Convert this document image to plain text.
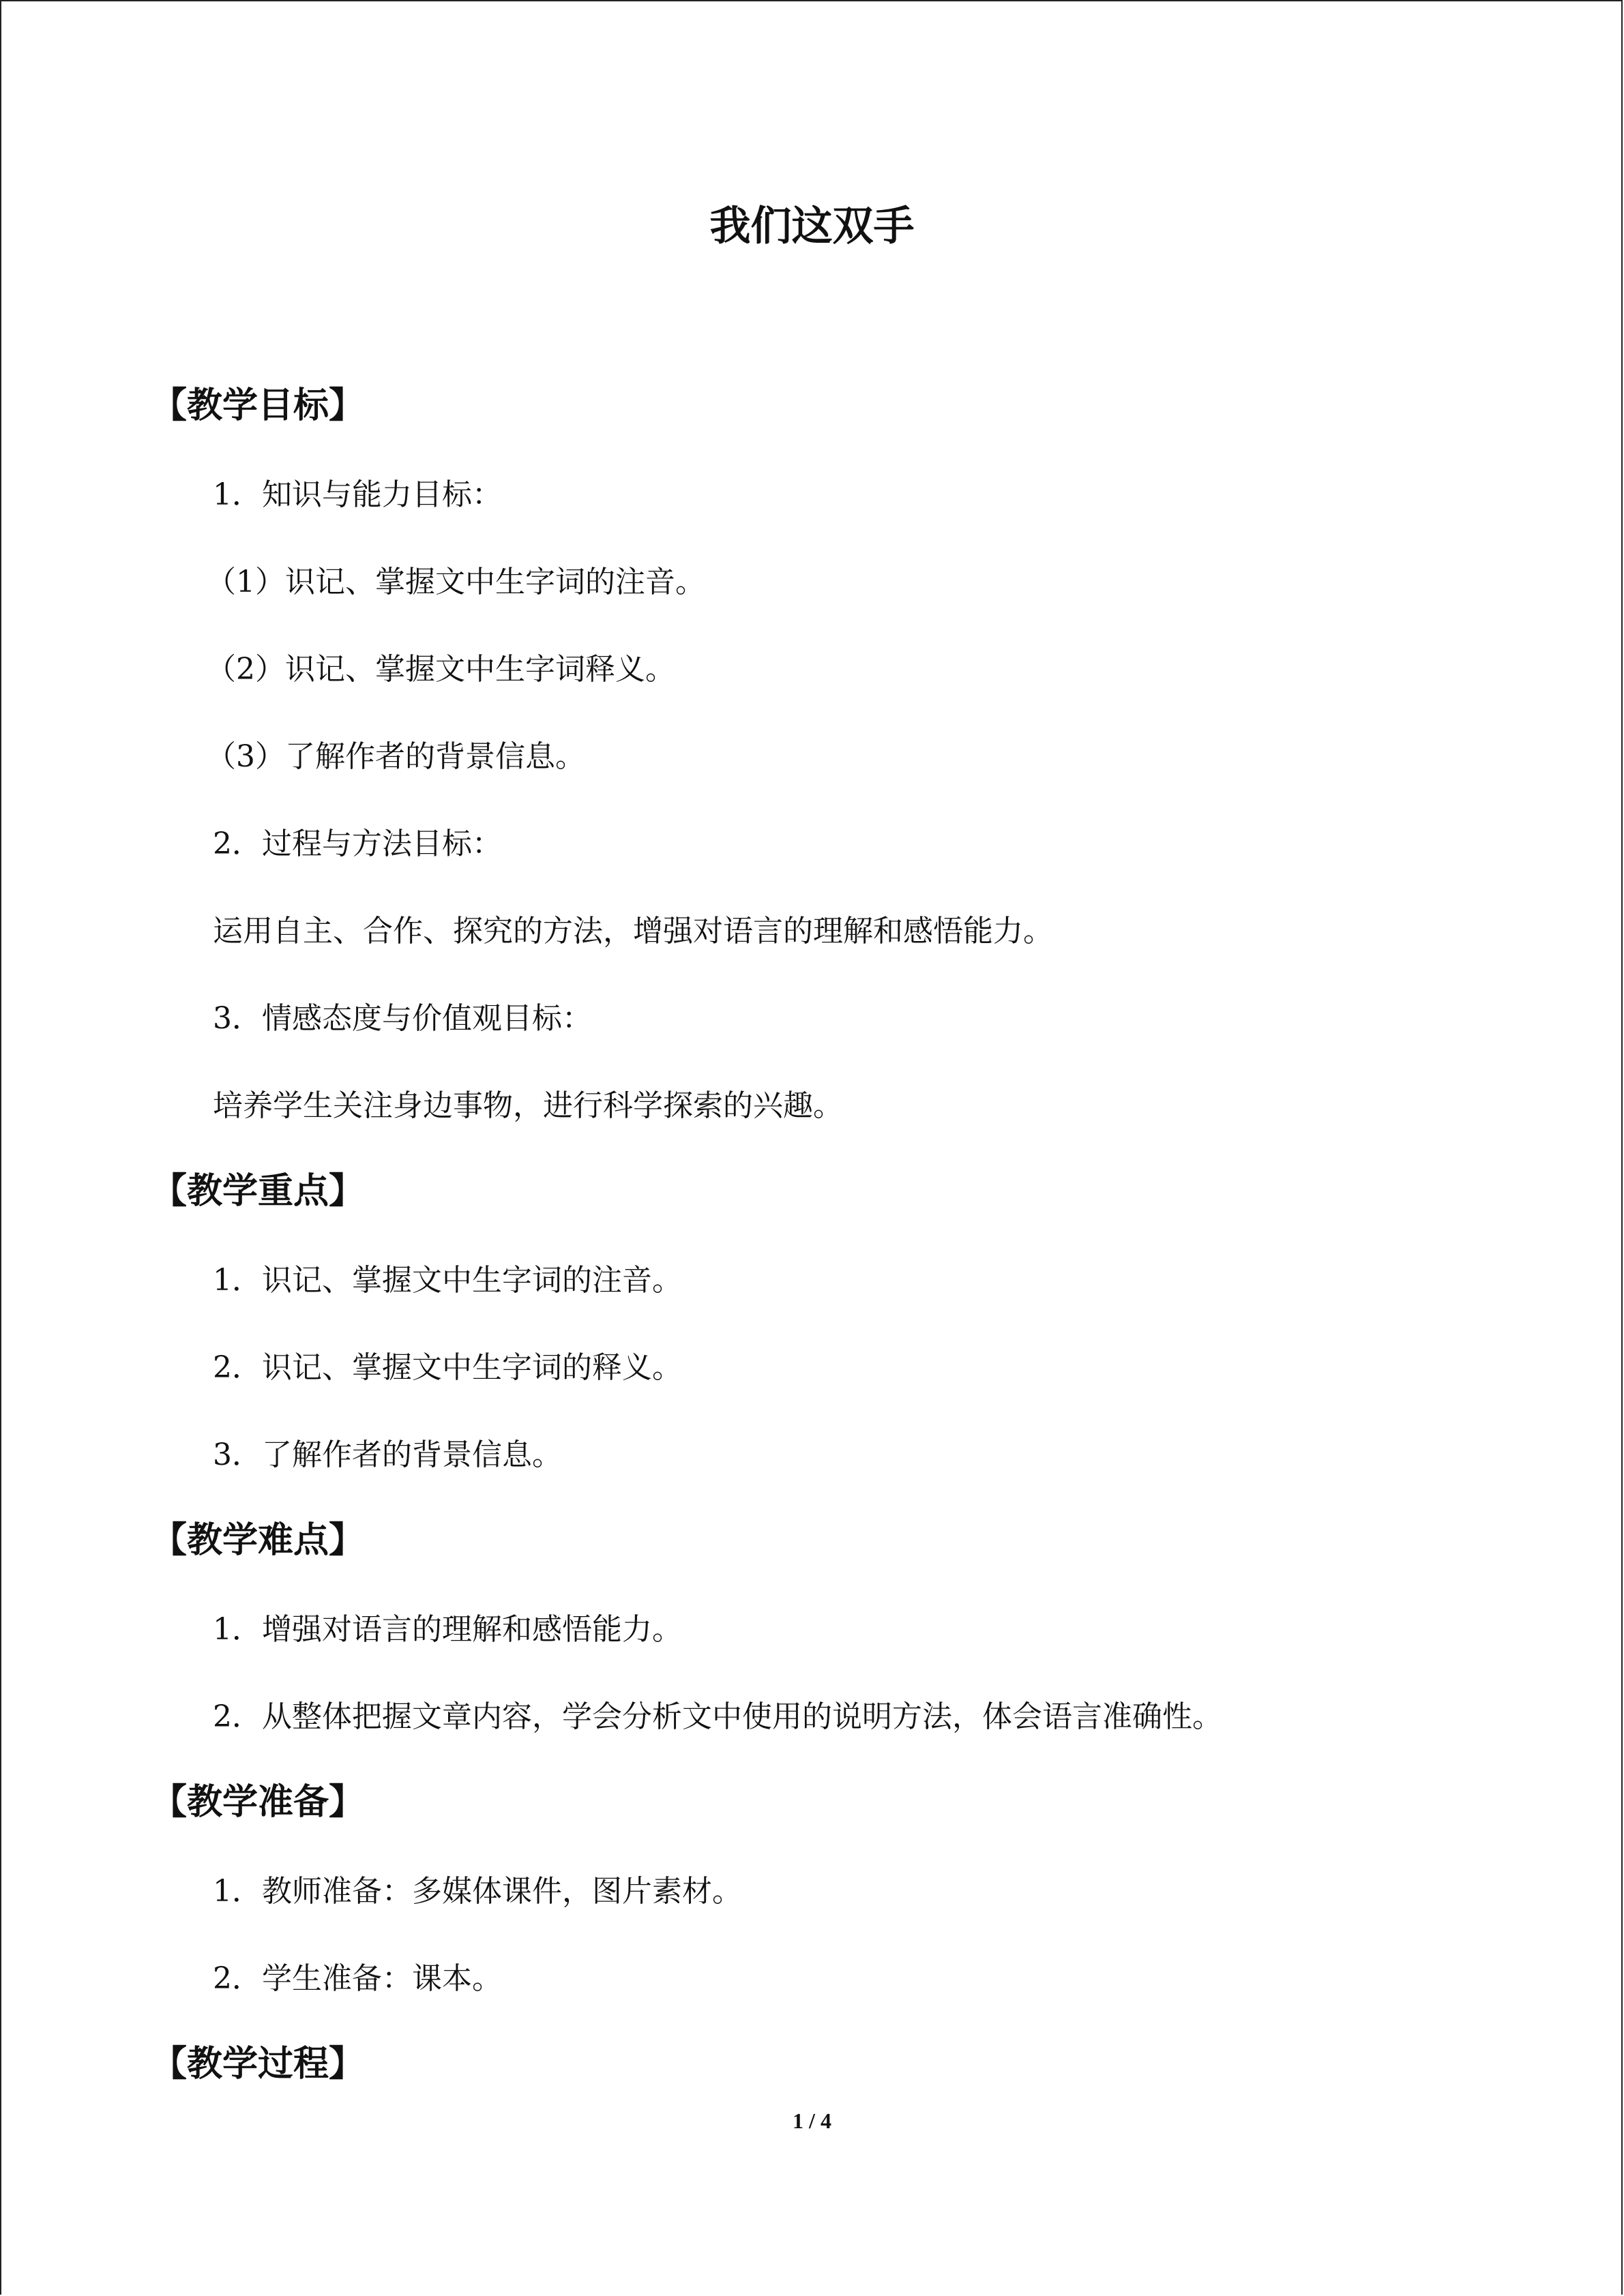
我们这双手
【教学目标】
1．知识与能力目标：
（1）识记、掌握文中生字词的注音。
（2）识记、掌握文中生字词释义。
（3）了解作者的背景信息。
2．过程与方法目标：
运用自主、合作、探究的方法，增强对语言的理解和感悟能力。
3．情感态度与价值观目标：
培养学生关注身边事物，进行科学探索的兴趣。
【教学重点】
1．识记、掌握文中生字词的注音。
2．识记、掌握文中生字词的释义。
3．了解作者的背景信息。
【教学难点】
1．增强对语言的理解和感悟能力。
2．从整体把握文章内容，学会分析文中使用的说明方法，体会语言准确性。
【教学准备】
1．教师准备：多媒体课件，图片素材。
2．学生准备：课本。
【教学过程】
1 / 4
